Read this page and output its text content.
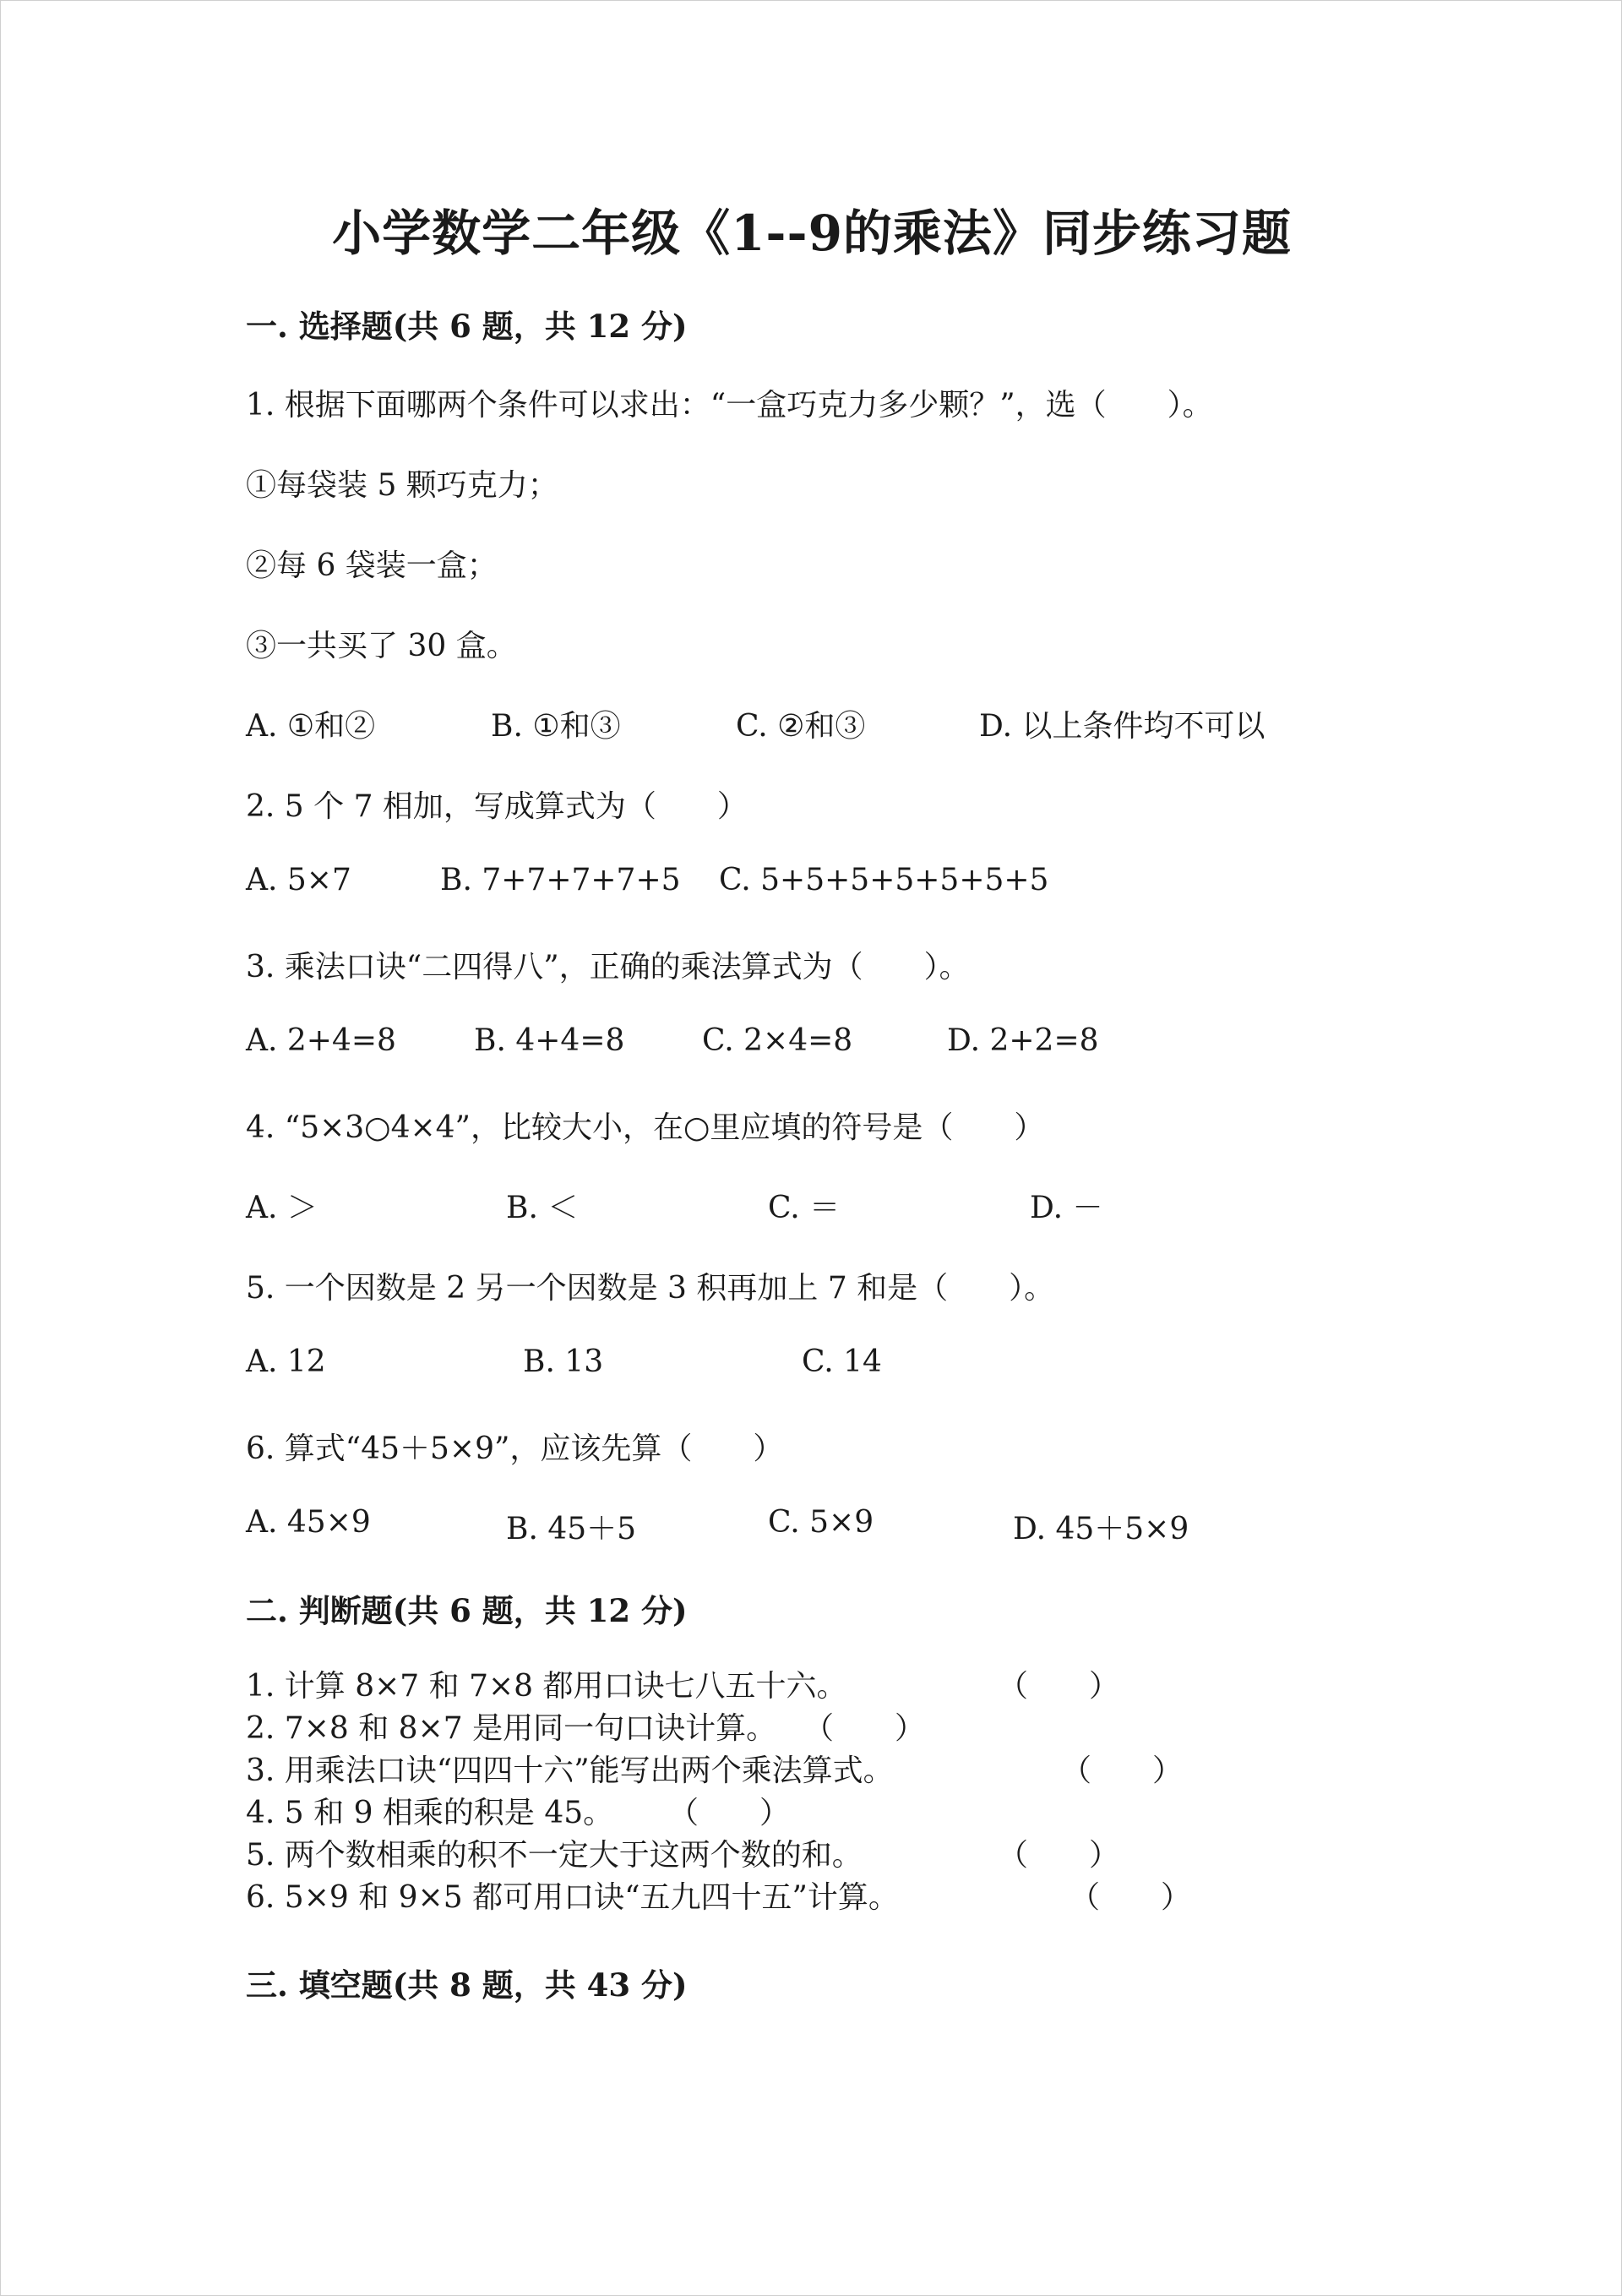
小学数学二年级《1--9的乘法》同步练习题
一. 选择题(共 6 题，共 12 分)
1. 根据下面哪两个条件可以求出：“一盒巧克力多少颗？”，选（　　）。
①每袋装 5 颗巧克力；
②每 6 袋装一盒；
③一共买了 30 盒。
A. ①和②	B. ①和③	C. ②和③	D. 以上条件均不可以
2. 5 个 7 相加，写成算式为（　　）
A. 5×7	B. 7+7+7+7+5 C. 5+5+5+5+5+5+5
3. 乘法口诀“二四得八”，正确的乘法算式为（　　）。
A. 2+4=8	B. 4+4=8	C. 2×4=8	D. 2+2=8
4. “5×3○4×4”，比较大小，在○里应填的符号是（　　）
A. ＞	B. ＜	C. ＝	D. －
5. 一个因数是 2 另一个因数是 3 积再加上 7 和是（　　）。
A. 12	B. 13	C. 14
6. 算式“45＋5×9”，应该先算（　　）
A. 45×9	B. 45＋5	C. 5×9	D. 45＋5×9
二. 判断题(共 6 题，共 12 分)
1. 计算 8×7 和 7×8 都用口诀七八五十六。	（　　）
2. 7×8 和 8×7 是用同一句口诀计算。 （　　）
3. 用乘法口诀“四四十六”能写出两个乘法算式。	（　　）
4. 5 和 9 相乘的积是 45。 （　　）
5. 两个数相乘的积不一定大于这两个数的和。	（　　）
6. 5×9 和 9×5 都可用口诀“五九四十五”计算。	（　　）
三. 填空题(共 8 题，共 43 分)
